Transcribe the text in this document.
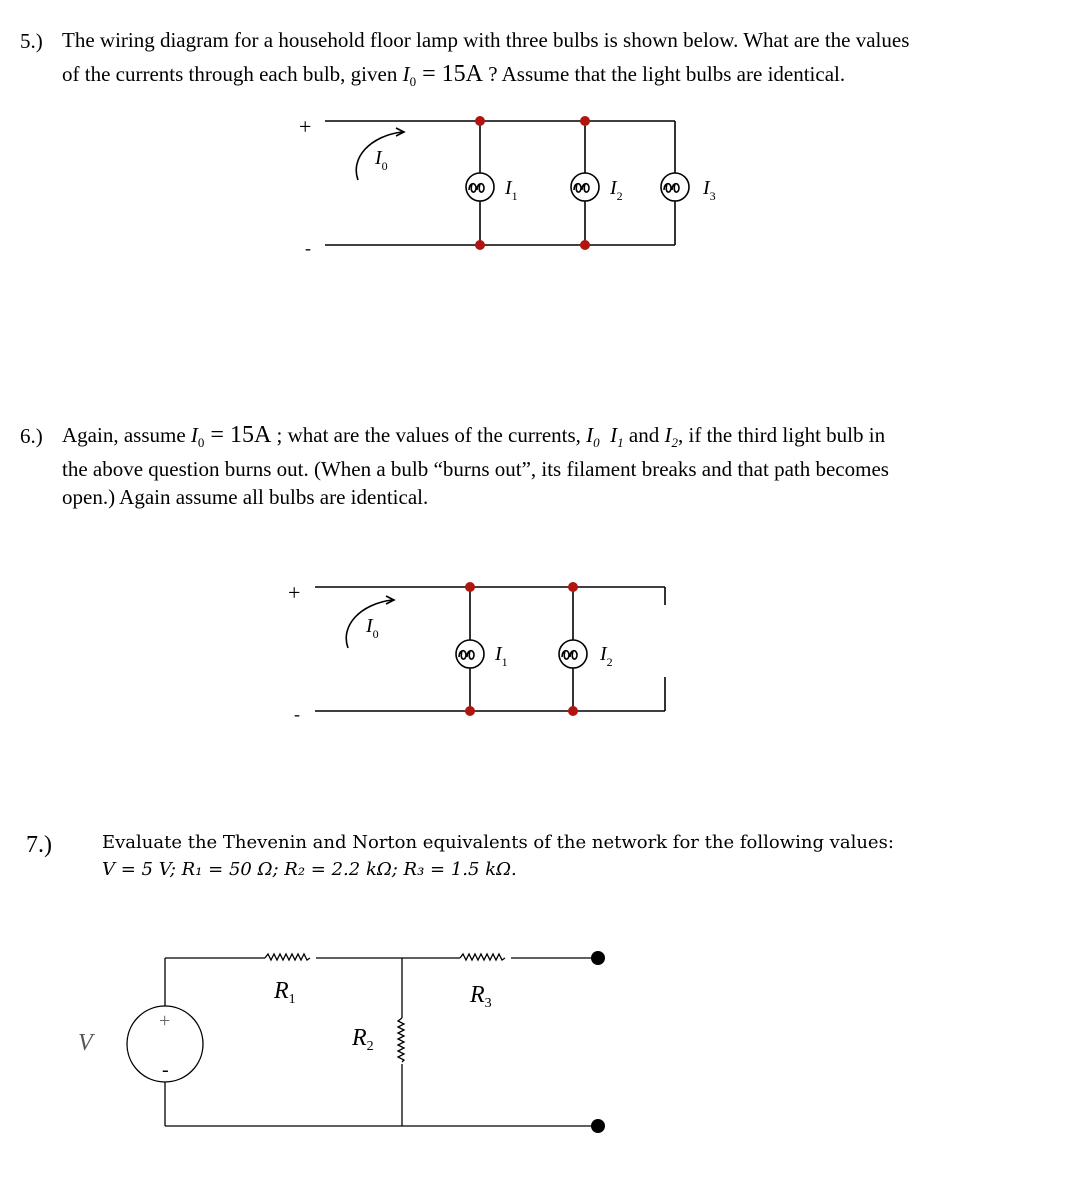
5.) The wiring diagram for a household floor lamp with three bulbs is shown below. What are the values
of the currents through each bulb, given $I_0 = 15A$ ? Assume that the light bulbs are identical.
6.) Again, assume $I_0 = 15A$ ; what are the values of the currents, $I_0$ $I_1$ and $I_2$, if the third light bulb in
the above question burns out. (When a bulb “burns out”, its filament breaks and that path becomes
open.) Again assume all bulbs are identical.
7.)	Evaluate the Thevenin and Norton equivalents of the network for the following values:
V = 5 V; R₁ = 50 Ω; R₂ = 2.2 kΩ; R₃ = 1.5 kΩ.
+
-
$I_0$
$I_1$	$I_2$	$I_3$
+
-
$I_0$
$I_1$	$I_2$
+
-
V
$R_1$	$R_3$
$R_2$
